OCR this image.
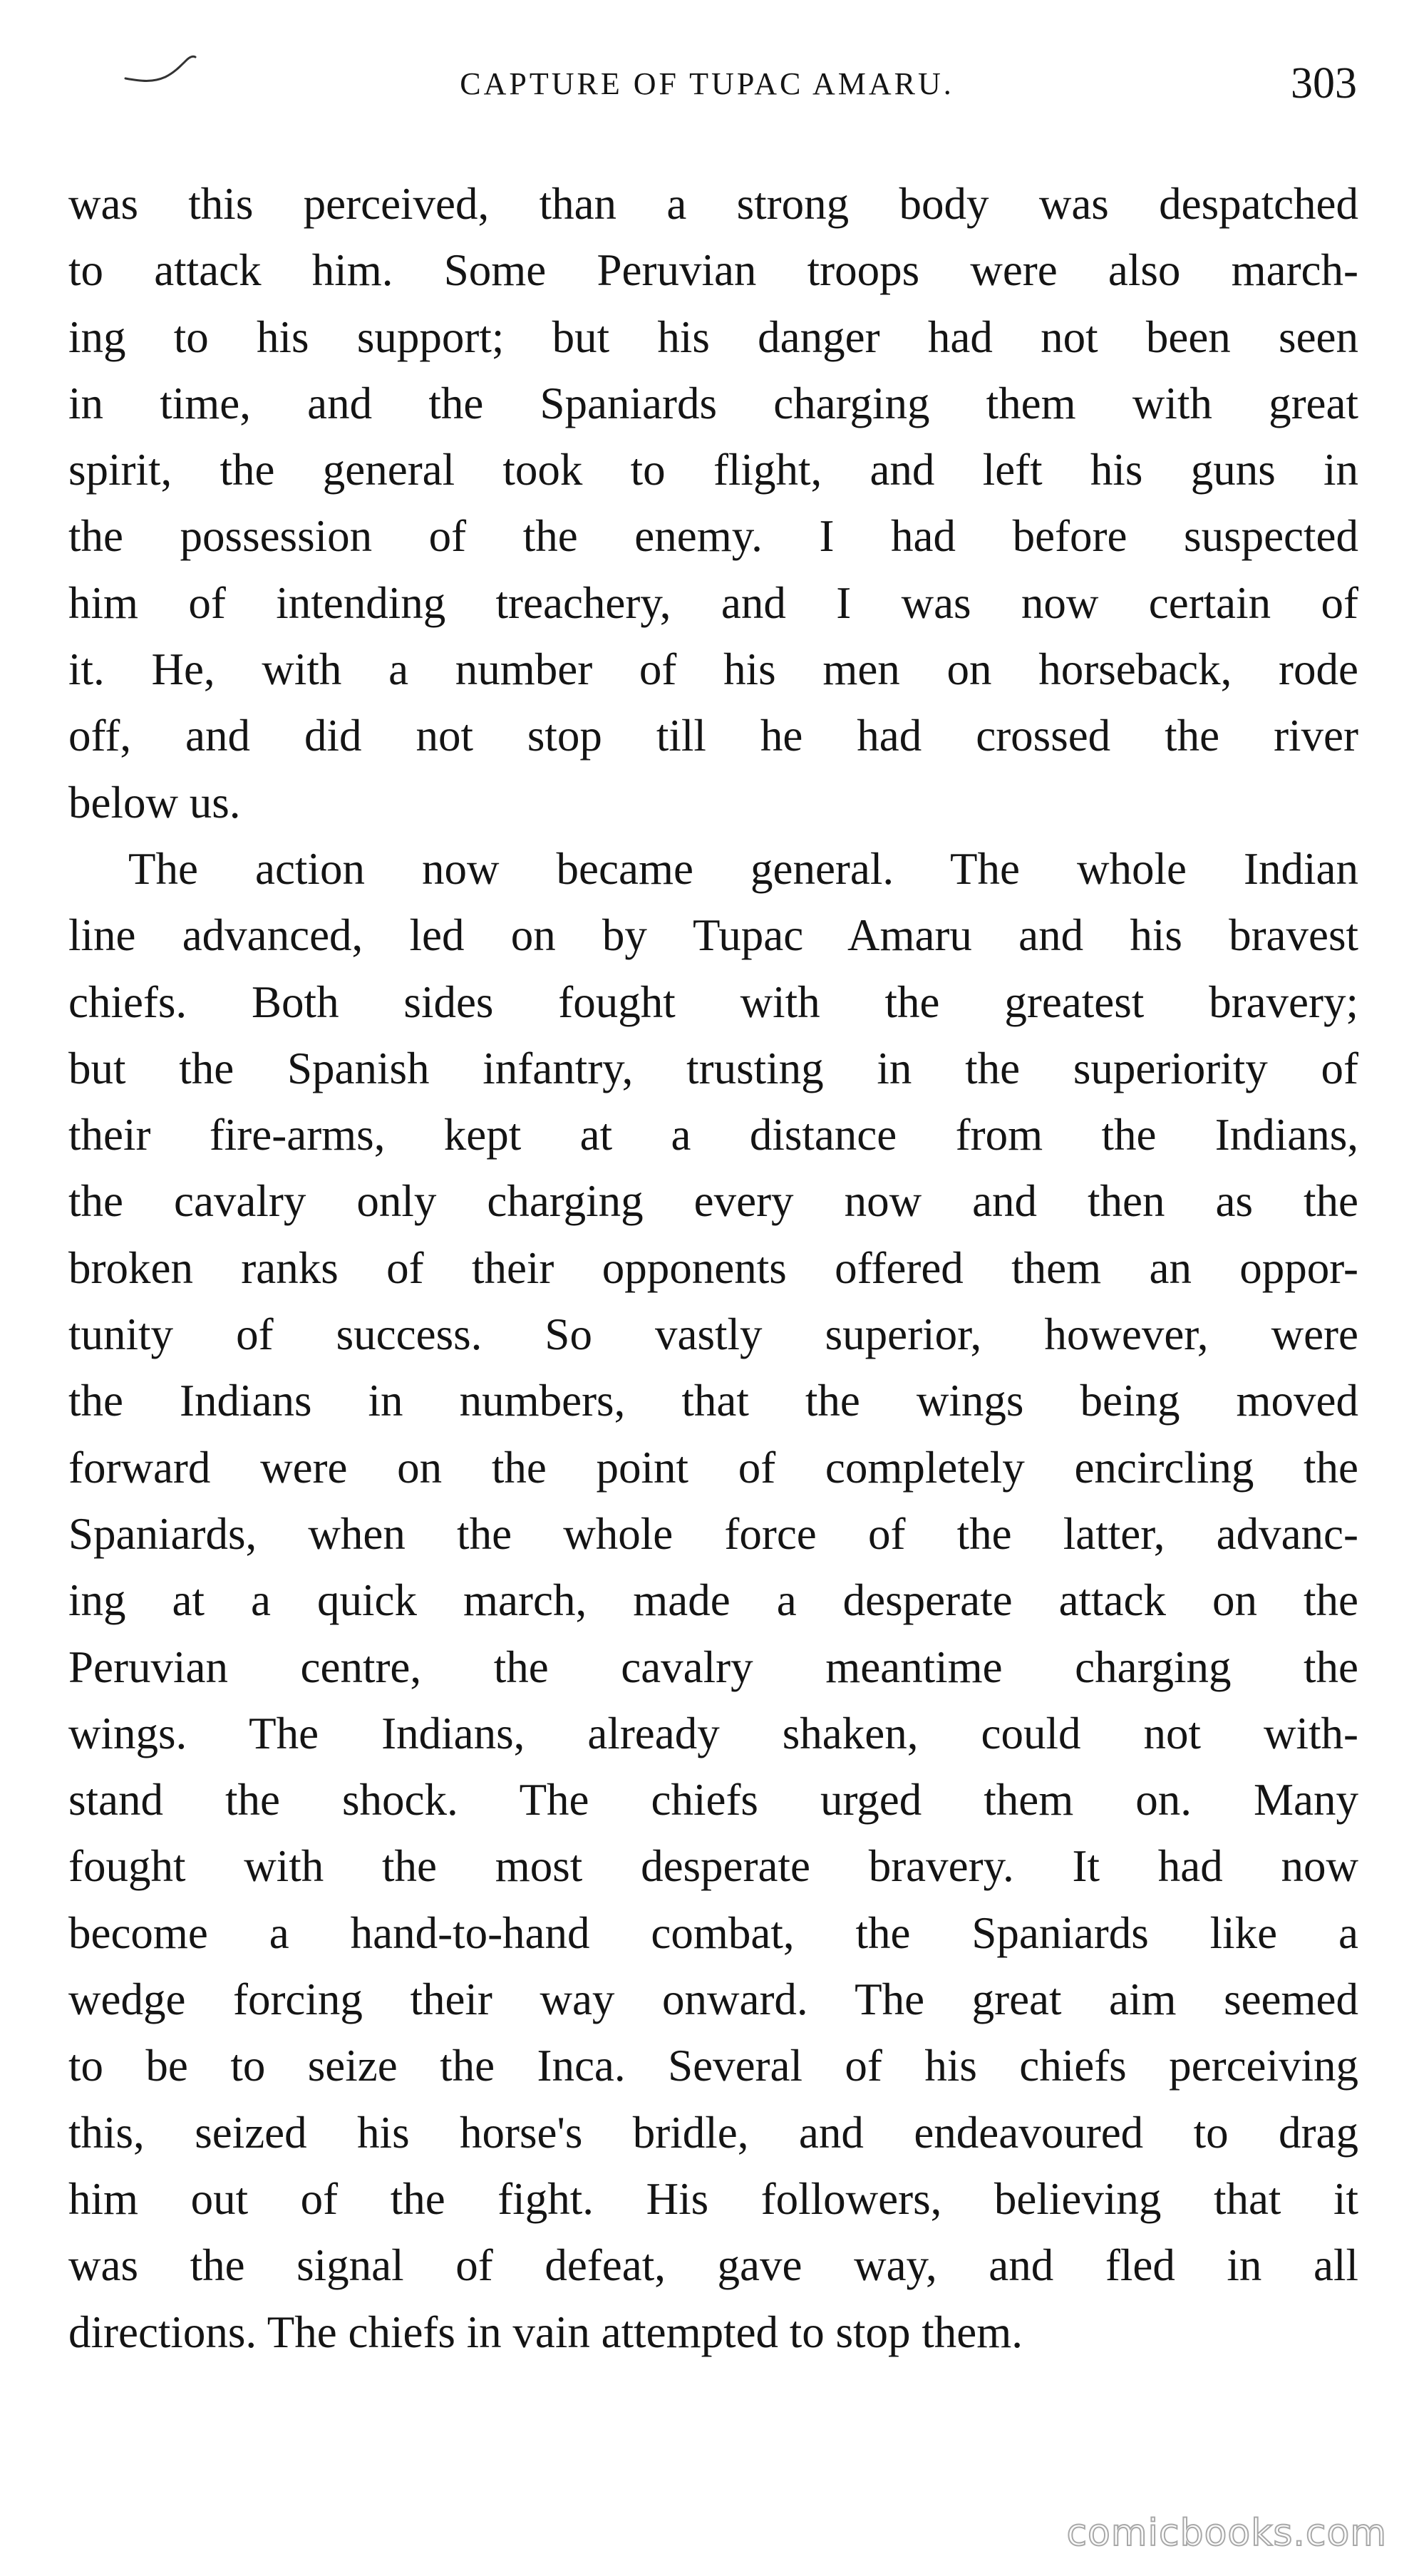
CAPTURE OF TUPAC AMARU.	303
was this perceived, than a strong body was despatched
to attack him. Some Peruvian troops were also march-
ing to his support; but his danger had not been seen
in time, and the Spaniards charging them with great
spirit, the general took to flight, and left his guns in
the possession of the enemy. I had before suspected
him of intending treachery, and I was now certain of
it. He, with a number of his men on horseback, rode
off, and did not stop till he had crossed the river
below us.
The action now became general. The whole Indian
line advanced, led on by Tupac Amaru and his bravest
chiefs. Both sides fought with the greatest bravery;
but the Spanish infantry, trusting in the superiority of
their fire-arms, kept at a distance from the Indians,
the cavalry only charging every now and then as the
broken ranks of their opponents offered them an oppor-
tunity of success. So vastly superior, however, were
the Indians in numbers, that the wings being moved
forward were on the point of completely encircling the
Spaniards, when the whole force of the latter, advanc-
ing at a quick march, made a desperate attack on the
Peruvian centre, the cavalry meantime charging the
wings. The Indians, already shaken, could not with-
stand the shock. The chiefs urged them on. Many
fought with the most desperate bravery. It had now
become a hand-to-hand combat, the Spaniards like a
wedge forcing their way onward. The great aim seemed
to be to seize the Inca. Several of his chiefs perceiving
this, seized his horse's bridle, and endeavoured to drag
him out of the fight. His followers, believing that it
was the signal of defeat, gave way, and fled in all
directions. The chiefs in vain attempted to stop them.
comicbooks.com
